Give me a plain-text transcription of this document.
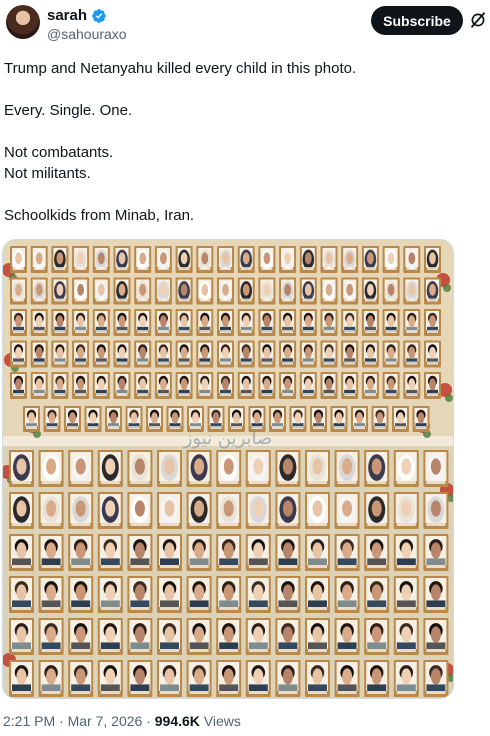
sarah
@sahouraxo
Subscribe

Trump and Netanyahu killed every child in this photo.

Every. Single. One.

Not combatants.

Not militants.

Schoolkids from Minab, Iran.

صابرین نیوز
2:21 PM · Mar 7, 2026 · 994.6K Views
